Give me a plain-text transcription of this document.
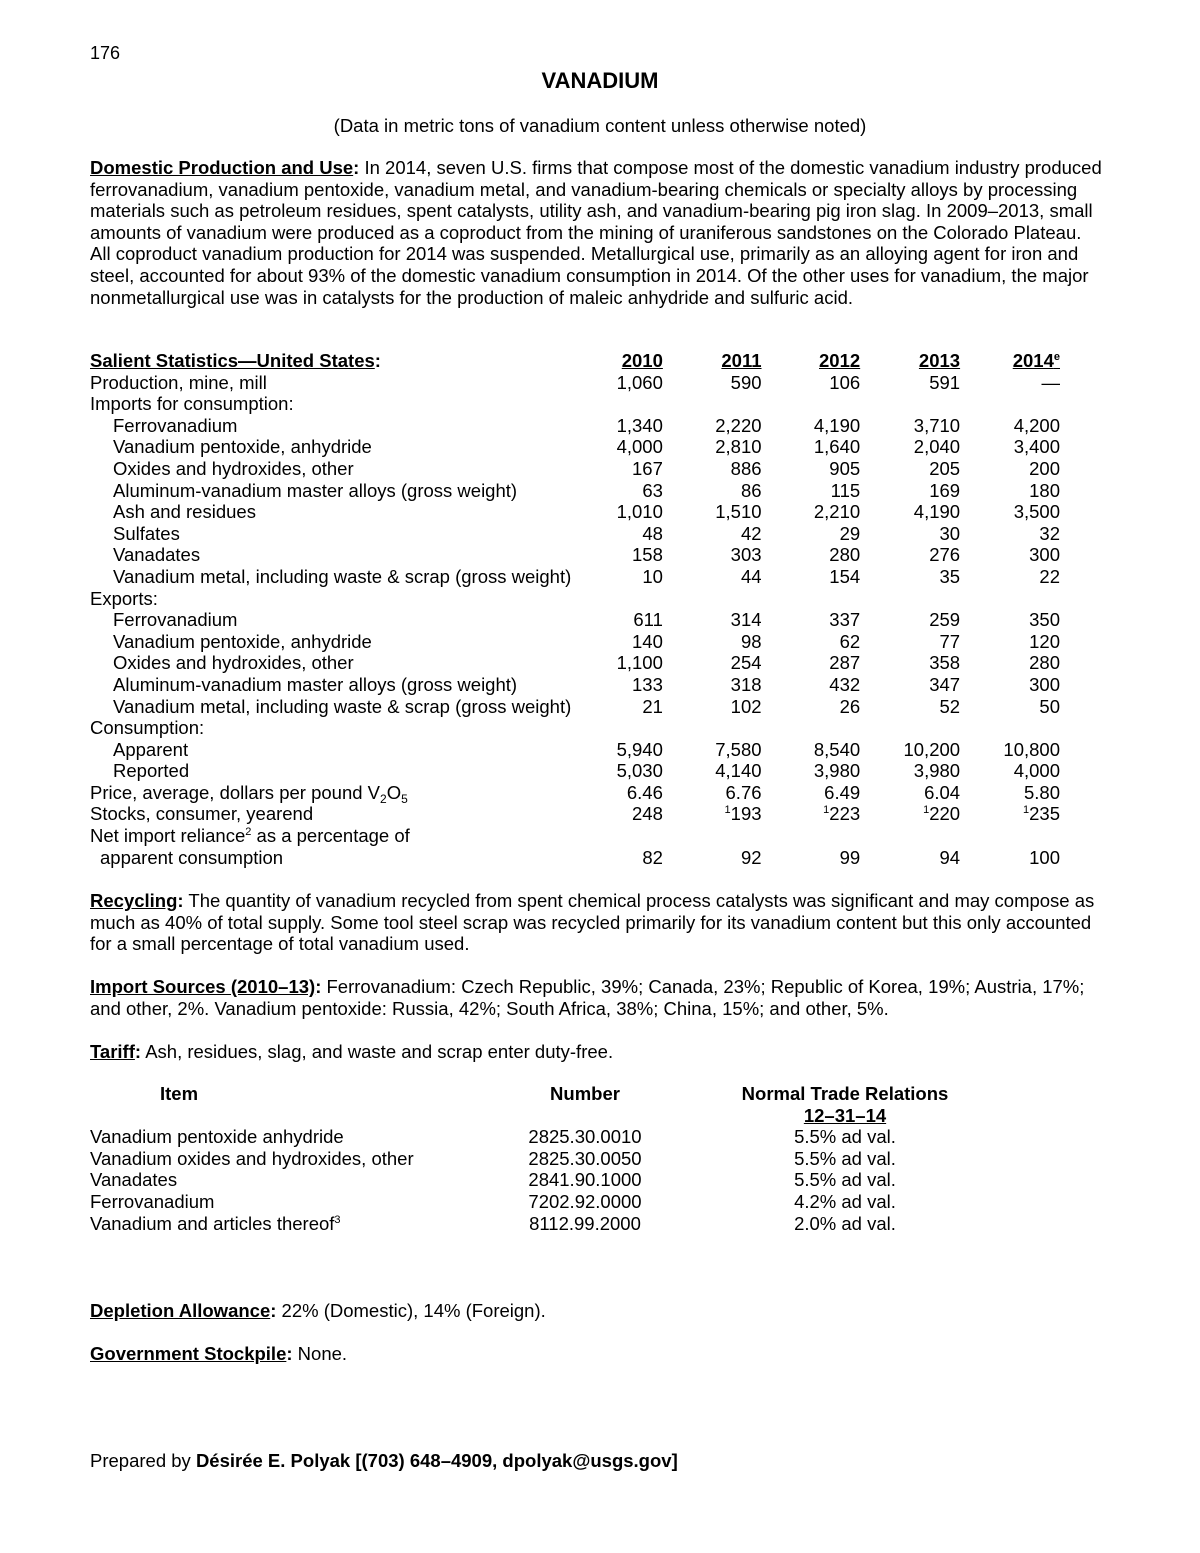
176
VANADIUM
(Data in metric tons of vanadium content unless otherwise noted)
Domestic Production and Use: In 2014, seven U.S. firms that compose most of the domestic vanadium industry produced ferrovanadium, vanadium pentoxide, vanadium metal, and vanadium-bearing chemicals or specialty alloys by processing materials such as petroleum residues, spent catalysts, utility ash, and vanadium-bearing pig iron slag. In 2009–2013, small amounts of vanadium were produced as a coproduct from the mining of uraniferous sandstones on the Colorado Plateau. All coproduct vanadium production for 2014 was suspended. Metallurgical use, primarily as an alloying agent for iron and steel, accounted for about 93% of the domestic vanadium consumption in 2014. Of the other uses for vanadium, the major nonmetallurgical use was in catalysts for the production of maleic anhydride and sulfuric acid.
Salient Statistics—United States:	2010	2011	2012	2013	2014e
Production, mine, mill	1,060	590	106	591	—
Imports for consumption:					
Ferrovanadium	1,340	2,220	4,190	3,710	4,200
Vanadium pentoxide, anhydride	4,000	2,810	1,640	2,040	3,400
Oxides and hydroxides, other	167	886	905	205	200
Aluminum-vanadium master alloys (gross weight)	63	86	115	169	180
Ash and residues	1,010	1,510	2,210	4,190	3,500
Sulfates	48	42	29	30	32
Vanadates	158	303	280	276	300
Vanadium metal, including waste & scrap (gross weight)	10	44	154	35	22
Exports:					
Ferrovanadium	611	314	337	259	350
Vanadium pentoxide, anhydride	140	98	62	77	120
Oxides and hydroxides, other	1,100	254	287	358	280
Aluminum-vanadium master alloys (gross weight)	133	318	432	347	300
Vanadium metal, including waste & scrap (gross weight)	21	102	26	52	50
Consumption:					
Apparent	5,940	7,580	8,540	10,200	10,800
Reported	5,030	4,140	3,980	3,980	4,000
Price, average, dollars per pound $V_2O_5$	6.46	6.76	6.49	6.04	5.80
Stocks, consumer, yearend	248	$^1$193	$^1$223	$^1$220	$^1$235
Net import reliance$^2$ as a percentage of					
apparent consumption	82	92	99	94	100
Recycling: The quantity of vanadium recycled from spent chemical process catalysts was significant and may compose as much as 40% of total supply. Some tool steel scrap was recycled primarily for its vanadium content but this only accounted for a small percentage of total vanadium used.
Import Sources (2010–13): Ferrovanadium: Czech Republic, 39%; Canada, 23%; Republic of Korea, 19%; Austria, 17%; and other, 2%. Vanadium pentoxide: Russia, 42%; South Africa, 38%; China, 15%; and other, 5%.
Tariff: Ash, residues, slag, and waste and scrap enter duty-free.
Item	Number	Normal Trade Relations
		12–31–14
Vanadium pentoxide anhydride	2825.30.0010	5.5% ad val.
Vanadium oxides and hydroxides, other	2825.30.0050	5.5% ad val.
Vanadates	2841.90.1000	5.5% ad val.
Ferrovanadium	7202.92.0000	4.2% ad val.
Vanadium and articles thereof$^3$	8112.99.2000	2.0% ad val.
Depletion Allowance: 22% (Domestic), 14% (Foreign).
Government Stockpile: None.
Prepared by Désirée E. Polyak [(703) 648–4909, dpolyak@usgs.gov]
